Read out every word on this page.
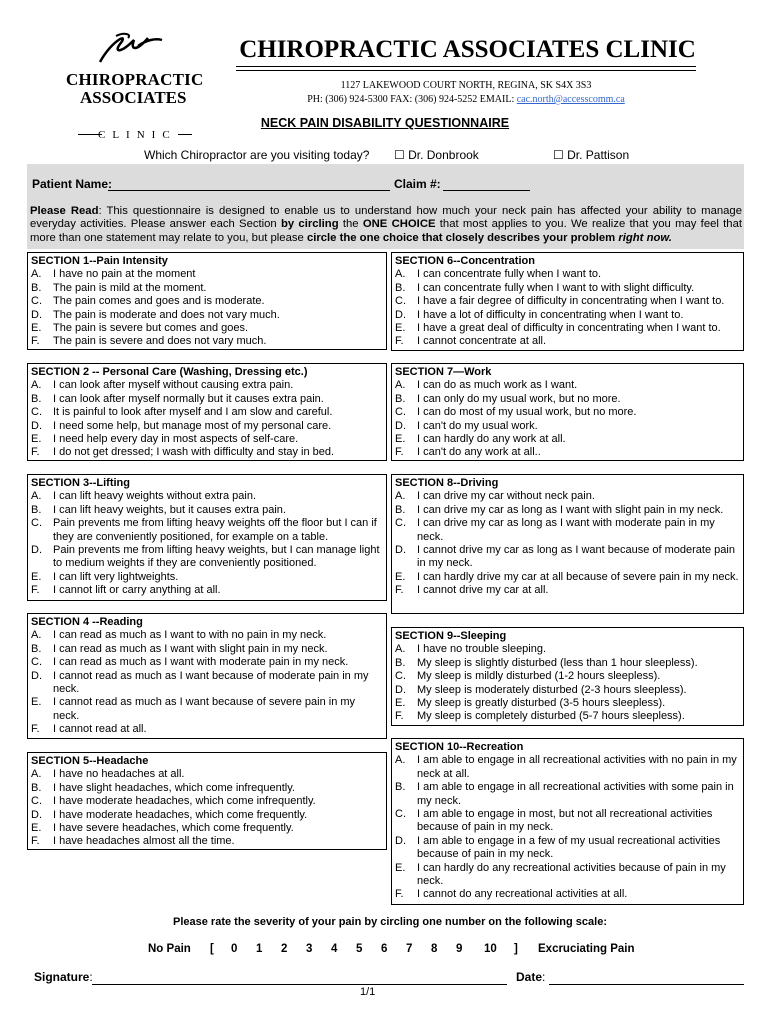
CHIROPRACTIC
ASSOCIATES
CLINIC
CHIROPRACTIC ASSOCIATES CLINIC
1127 LAKEWOOD COURT NORTH, REGINA, SK S4X 3S3
PH: (306) 924-5300 FAX: (306) 924-5252 EMAIL: cac.north@accesscomm.ca
NECK PAIN DISABILITY QUESTIONNAIRE
Which Chiropractor are you visiting today? ☐ Dr. Donbrook	☐ Dr. Pattison
Patient Name:	Claim #:
Please Read: This questionnaire is designed to enable us to understand how much your neck pain has affected your ability to manage everyday activities. Please answer each Section by circling the ONE CHOICE that most applies to you. We realize that you may feel that more than one statement may relate to you, but please circle the one choice that closely describes your problem right now.
SECTION 1--Pain Intensity
A.	I have no pain at the moment
B.	The pain is mild at the moment.
C.	The pain comes and goes and is moderate.
D.	The pain is moderate and does not vary much.
E.	The pain is severe but comes and goes.
F.	The pain is severe and does not vary much.
SECTION 2 -- Personal Care (Washing, Dressing etc.)
A.	I can look after myself without causing extra pain.
B.	I can look after myself normally but it causes extra pain.
C.	It is painful to look after myself and I am slow and careful.
D.	I need some help, but manage most of my personal care.
E.	I need help every day in most aspects of self-care.
F.	I do not get dressed; I wash with difficulty and stay in bed.
SECTION 3--Lifting
A.	I can lift heavy weights without extra pain.
B.	I can lift heavy weights, but it causes extra pain.
C.	Pain prevents me from lifting heavy weights off the floor but I can if they are conveniently positioned, for example on a table.
D.	Pain prevents me from lifting heavy weights, but I can manage light to medium weights if they are conveniently positioned.
E.	I can lift very lightweights.
F.	I cannot lift or carry anything at all.
SECTION 4 --Reading
A.	I can read as much as I want to with no pain in my neck.
B.	I can read as much as I want with slight pain in my neck.
C.	I can read as much as I want with moderate pain in my neck.
D.	I cannot read as much as I want because of moderate pain in my neck.
E.	I cannot read as much as I want because of severe pain in my neck.
F.	I cannot read at all.
SECTION 5--Headache
A.	I have no headaches at all.
B.	I have slight headaches, which come infrequently.
C.	I have moderate headaches, which come infrequently.
D.	I have moderate headaches, which come frequently.
E.	I have severe headaches, which come frequently.
F.	I have headaches almost all the time.
SECTION 6--Concentration
A.	I can concentrate fully when I want to.
B.	I can concentrate fully when I want to with slight difficulty.
C.	I have a fair degree of difficulty in concentrating when I want to.
D.	I have a lot of difficulty in concentrating when I want to.
E.	I have a great deal of difficulty in concentrating when I want to.
F.	I cannot concentrate at all.
SECTION 7—Work
A.	I can do as much work as I want.
B.	I can only do my usual work, but no more.
C.	I can do most of my usual work, but no more.
D.	I can't do my usual work.
E.	I can hardly do any work at all.
F.	I can't do any work at all..
SECTION 8--Driving
A.	I can drive my car without neck pain.
B.	I can drive my car as long as I want with slight pain in my neck.
C.	I can drive my car as long as I want with moderate pain in my neck.
D.	I cannot drive my car as long as I want because of moderate pain in my neck.
E.	I can hardly drive my car at all because of severe pain in my neck.
F.	I cannot drive my car at all.
SECTION 9--Sleeping
A.	I have no trouble sleeping.
B.	My sleep is slightly disturbed (less than 1 hour sleepless).
C.	My sleep is mildly disturbed (1-2 hours sleepless).
D.	My sleep is moderately disturbed (2-3 hours sleepless).
E.	My sleep is greatly disturbed (3-5 hours sleepless).
F.	My sleep is completely disturbed (5-7 hours sleepless).
SECTION 10--Recreation
A.	I am able to engage in all recreational activities with no pain in my neck at all.
B.	I am able to engage in all recreational activities with some pain in my neck.
C.	I am able to engage in most, but not all recreational activities because of pain in my neck.
D.	I am able to engage in a few of my usual recreational activities because of pain in my neck.
E.	I can hardly do any recreational activities because of pain in my neck.
F.	I cannot do any recreational activities at all.
Please rate the severity of your pain by circling one number on the following scale:
No Pain [ 0 1 2 3 4 5 6 7 8 9 10 ] Excruciating Pain
Signature:	Date:
1/1
